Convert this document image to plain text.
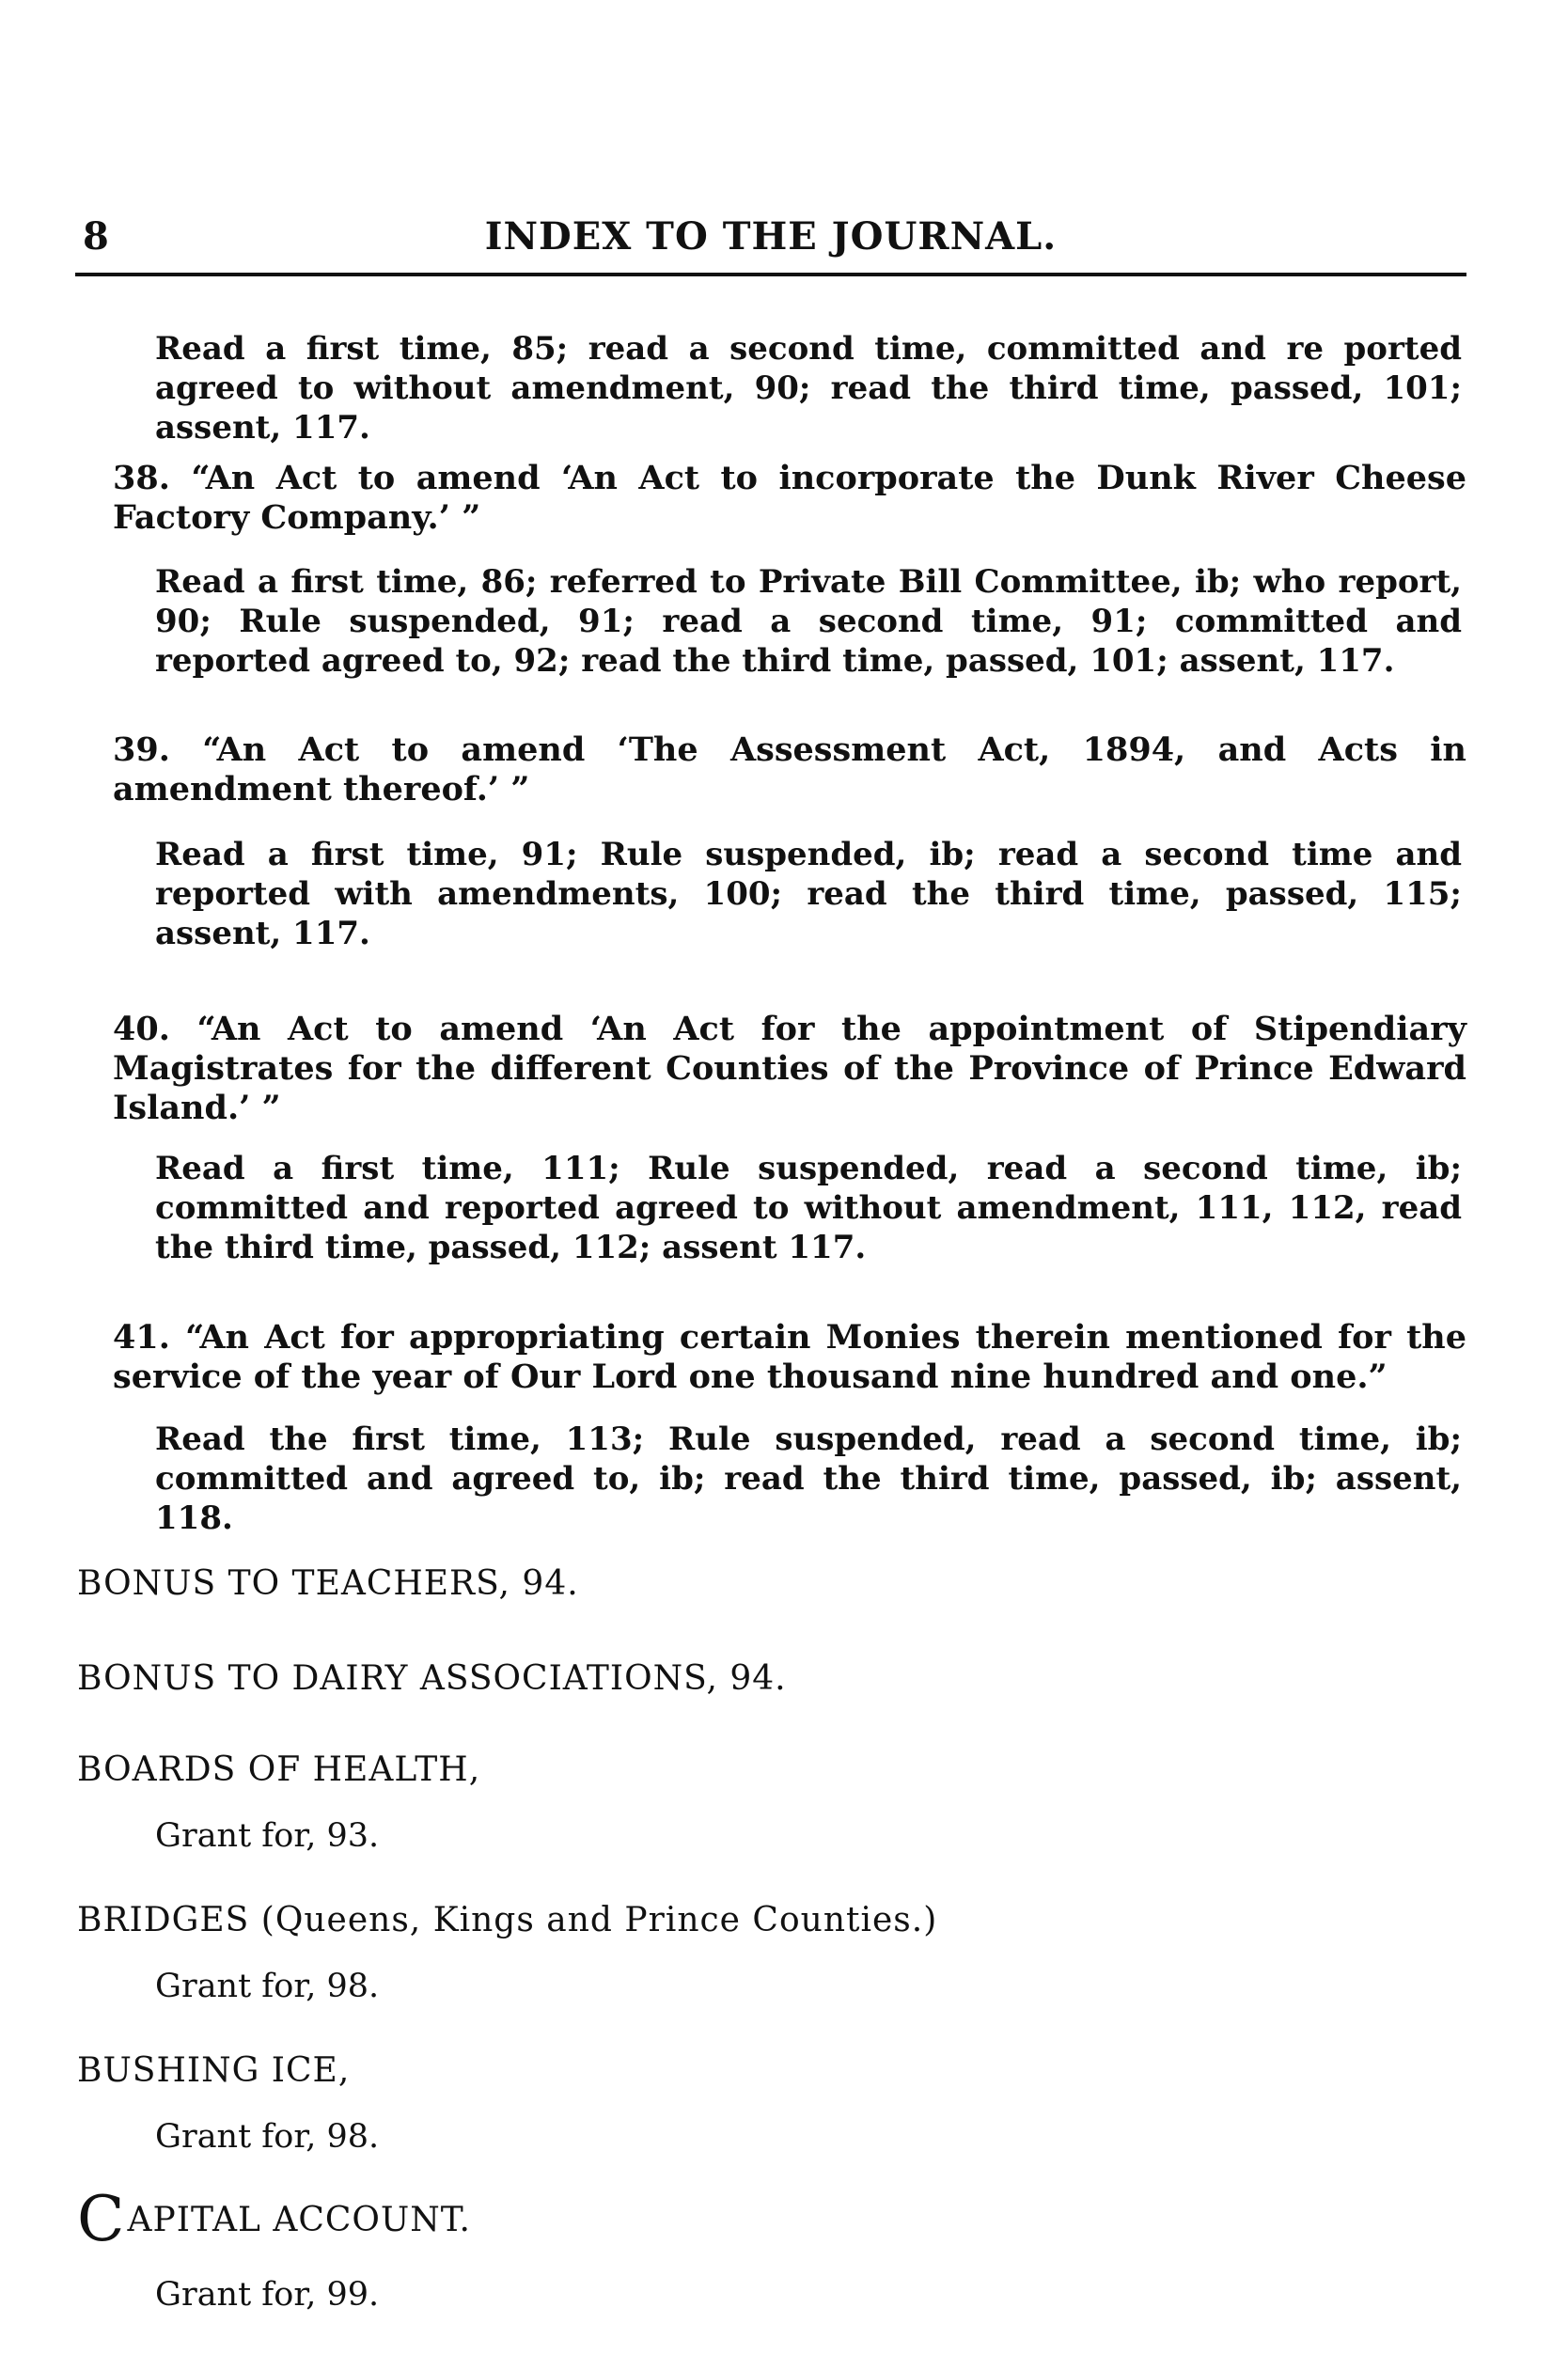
8	INDEX TO THE JOURNAL.

Read a first time, 85; read a second time, committed and re ported agreed to without amendment, 90; read the third time, passed, 101; assent, 117.

38. “An Act to amend ‘An Act to incorporate the Dunk River Cheese Factory Company.’ ”

Read a first time, 86; referred to Private Bill Committee, ib; who report, 90; Rule suspended, 91; read a second time, 91; committed and reported agreed to, 92; read the third time, passed, 101; assent, 117.

39. “An Act to amend ‘The Assessment Act, 1894, and Acts in amendment thereof.’ ”

Read a first time, 91; Rule suspended, ib; read a second time and reported with amendments, 100; read the third time, passed, 115; assent, 117.

40. “An Act to amend ‘An Act for the appointment of Stipendiary Magistrates for the different Counties of the Province of Prince Edward Island.’ ”

Read a first time, 111; Rule suspended, read a second time, ib; committed and reported agreed to without amendment, 111, 112, read the third time, passed, 112; assent 117.

41. “An Act for appropriating certain Monies therein mentioned for the service of the year of Our Lord one thousand nine hundred and one.”

Read the first time, 113; Rule suspended, read a second time, ib; committed and agreed to, ib; read the third time, passed, ib; assent, 118.

BONUS TO TEACHERS, 94.
BONUS TO DAIRY ASSOCIATIONS, 94.
BOARDS OF HEALTH,
Grant for, 93.
BRIDGES (Queens, Kings and Prince Counties.)
Grant for, 98.
BUSHING ICE,
Grant for, 98.
CAPITAL ACCOUNT.
Grant for, 99.
